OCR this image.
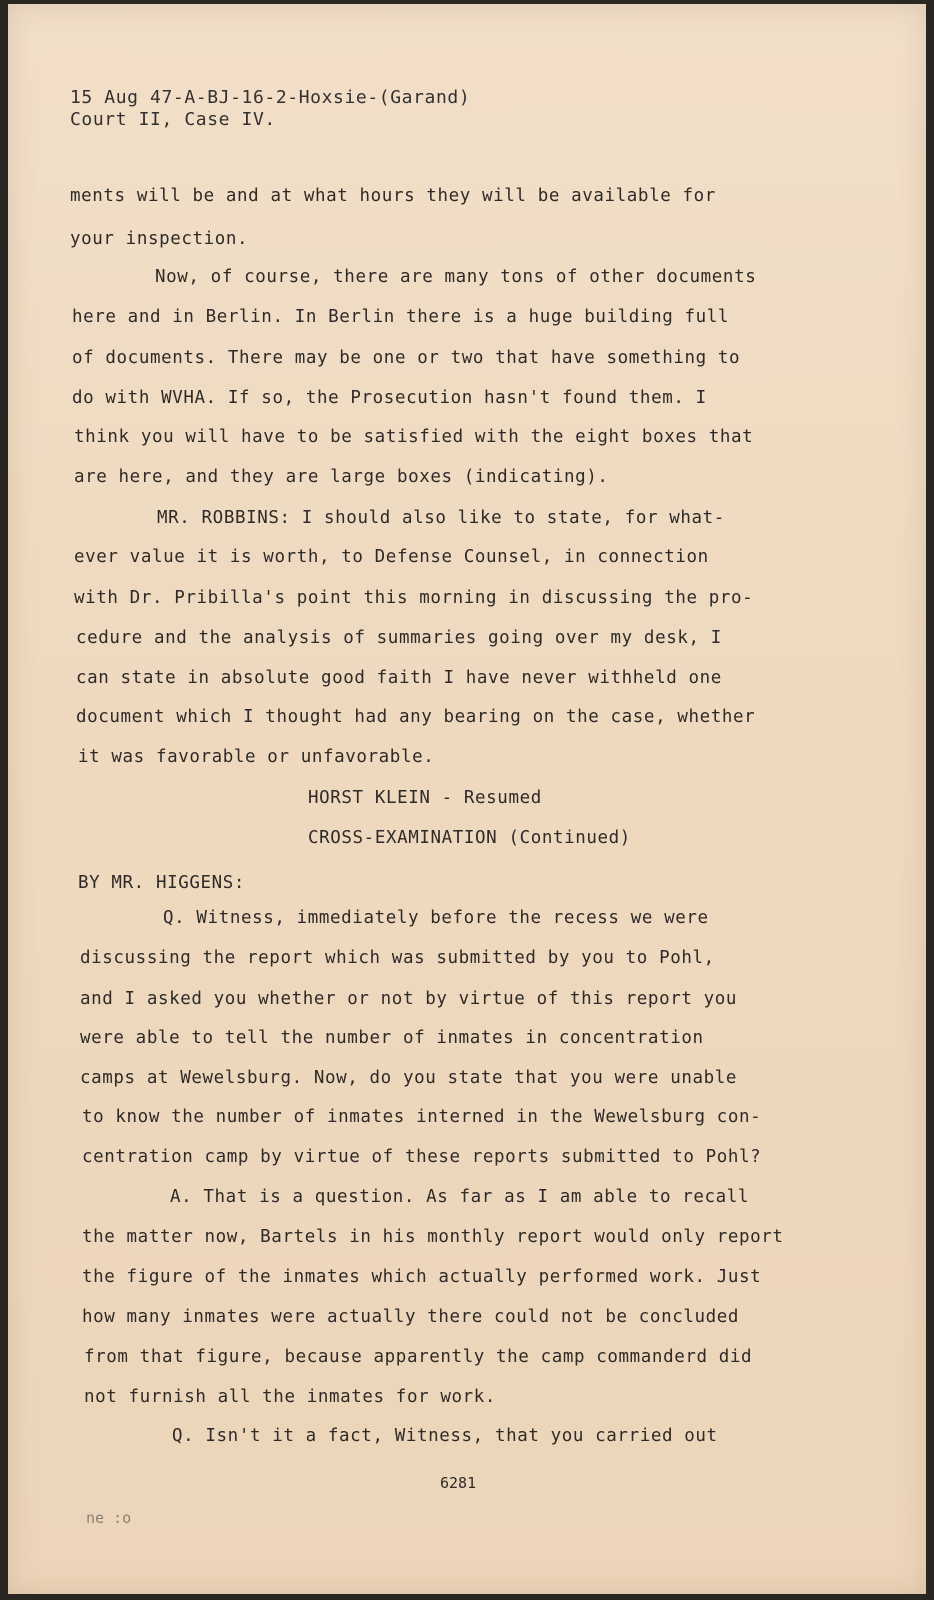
15 Aug 47-A-BJ-16-2-Hoxsie-(Garand)
Court II, Case IV.
ments will be and at what hours they will be available for
your inspection.
Now, of course, there are many tons of other documents
here and in Berlin. In Berlin there is a huge building full
of documents. There may be one or two that have something to
do with WVHA. If so, the Prosecution hasn't found them. I
think you will have to be satisfied with the eight boxes that
are here, and they are large boxes (indicating).
MR. ROBBINS: I should also like to state, for what-
ever value it is worth, to Defense Counsel, in connection
with Dr. Pribilla's point this morning in discussing the pro-
cedure and the analysis of summaries going over my desk, I
can state in absolute good faith I have never withheld one
document which I thought had any bearing on the case, whether
it was favorable or unfavorable.
HORST KLEIN - Resumed
CROSS-EXAMINATION (Continued)
BY MR. HIGGENS:
Q. Witness, immediately before the recess we were
discussing the report which was submitted by you to Pohl,
and I asked you whether or not by virtue of this report you
were able to tell the number of inmates in concentration
camps at Wewelsburg. Now, do you state that you were unable
to know the number of inmates interned in the Wewelsburg con-
centration camp by virtue of these reports submitted to Pohl?
A. That is a question. As far as I am able to recall
the matter now, Bartels in his monthly report would only report
the figure of the inmates which actually performed work. Just
how many inmates were actually there could not be concluded
from that figure, because apparently the camp commanderd did
not furnish all the inmates for work.
Q. Isn't it a fact, Witness, that you carried out
6281
ne :o
